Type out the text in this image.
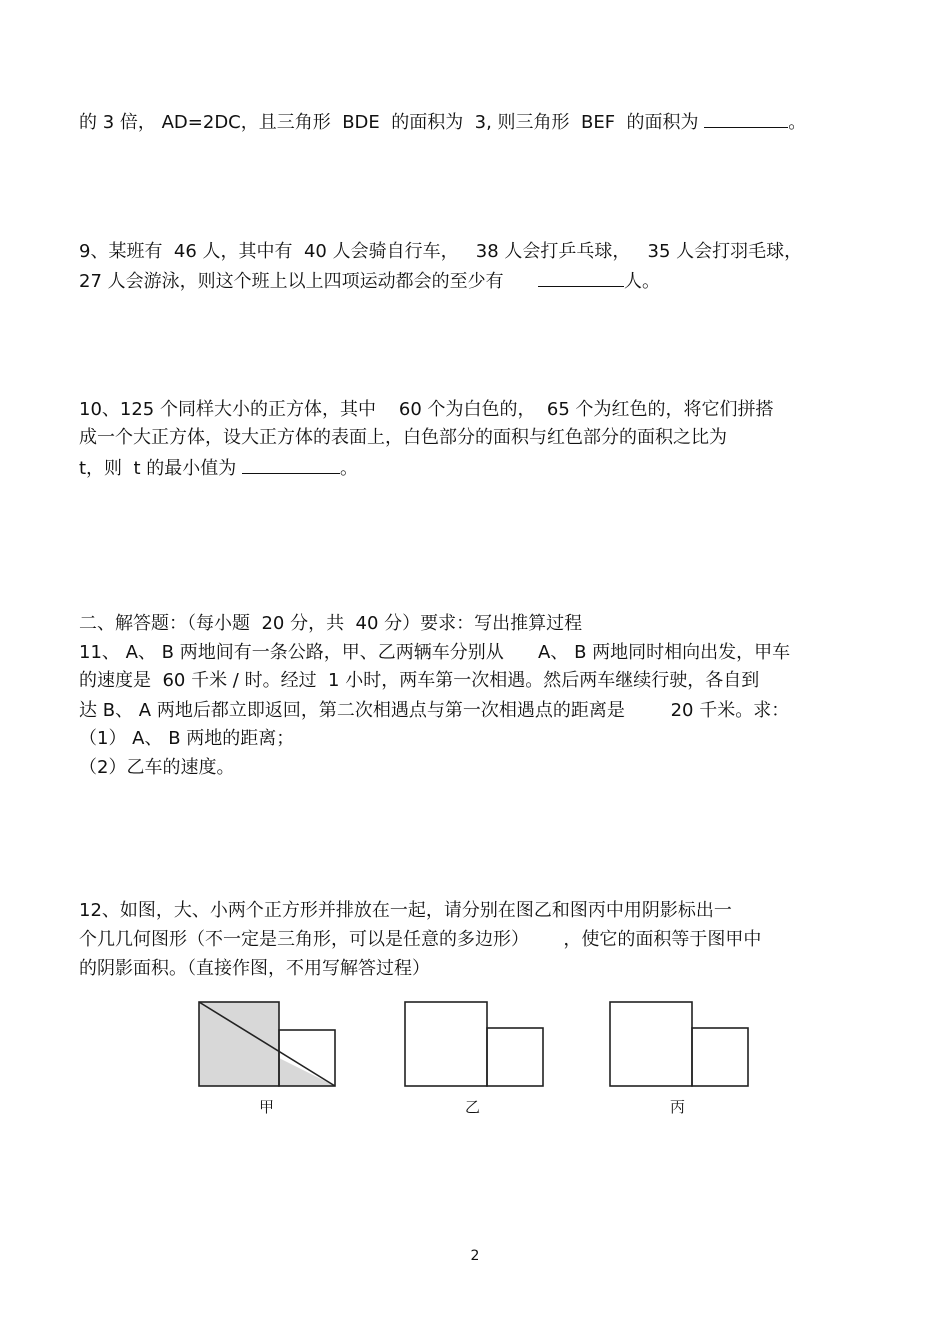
的 3 倍， AD=2DC，且三角形  BDE  的面积为  3, 则三角形  BEF  的面积为	。
9、某班有  46 人，其中有  40 人会骑自行车，   38 人会打乒乓球，   35 人会打羽毛球，
27 人会游泳，则这个班上以上四项运动都会的至少有	人。
10、125 个同样大小的正方体，其中    60 个为白色的，  65 个为红色的，将它们拼搭
成一个大正方体，设大正方体的表面上，白色部分的面积与红色部分的面积之比为
t，则  t 的最小值为	。
二、解答题：（每小题  20 分，共  40 分）要求：写出推算过程
11、 A、 B 两地间有一条公路，甲、乙两辆车分别从      A、 B 两地同时相向出发，甲车
的速度是  60 千米 / 时。经过  1 小时，两车第一次相遇。然后两车继续行驶，各自到
达 B、 A 两地后都立即返回，第二次相遇点与第一次相遇点的距离是        20 千米。求：
（1） A、 B 两地的距离；
（2）乙车的速度。
12、如图，大、小两个正方形并排放在一起，请分别在图乙和图丙中用阴影标出一
个几几何图形（不一定是三角形，可以是任意的多边形）      ，使它的面积等于图甲中
的阴影面积。（直接作图，不用写解答过程）
甲	乙	丙
2
